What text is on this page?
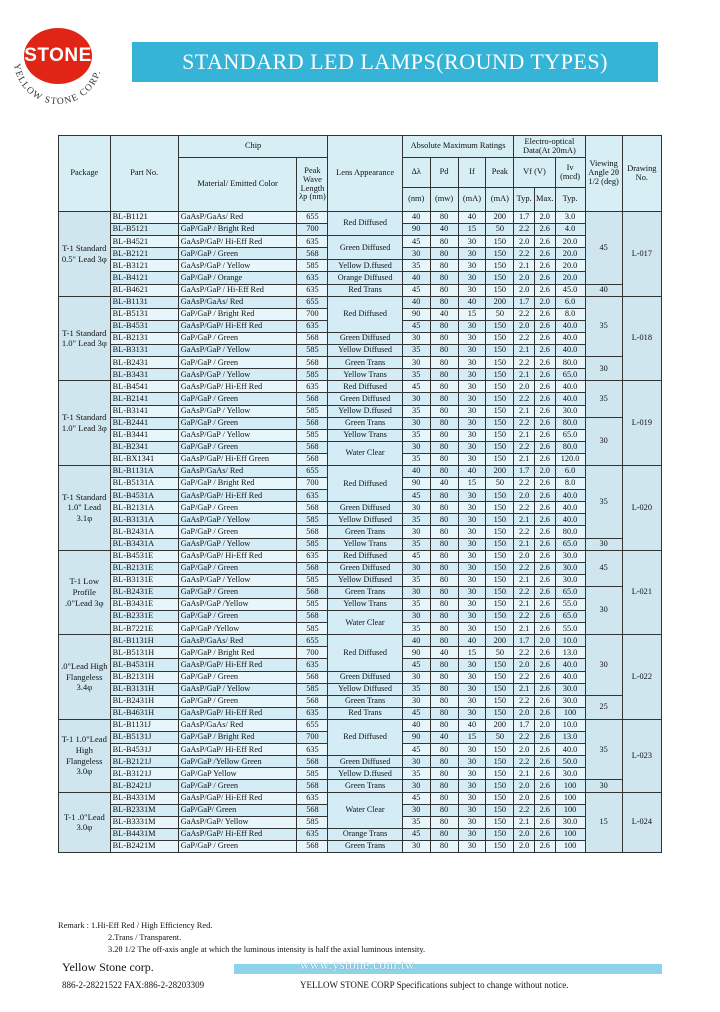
YELLOW STONE CORP.
STONE	STANDARD LED LAMPS(ROUND TYPES)
Package	Part No.	Chip		Lens Appearance	Absolute Maximum Ratings				Electro-optical Data(At 20mA)			Viewing Angle 2θ 1/2 (deg)	Drawing No.
		Material/ Emitted Color	Peak Wave Length λp (nm)		Δλ	Pd	If	Peak	Vf (V)		Iv (mcd)		
					(nm)	(mw)	(mA)	(mA)	Typ.	Max.	Typ.		
T-1 Standard 0.5" Lead 3φ	BL-B1121	GaAsP/GaAs/ Red	655	Red Diffused	40	80	40	200	1.7	2.0	3.0	45	L-017
	BL-B5121	GaP/GaP / Bright Red	700		90	40	15	50	2.2	2.6	4.0		
	BL-B4521	GaAsP/GaP/ Hi-Eff Red	635	Green Diffused	45	80	30	150	2.0	2.6	20.0		
	BL-B2121	GaP/GaP / Green	568		30	80	30	150	2.2	2.6	20.0		
	BL-B3121	GaAsP/GaP / Yellow	585	Yellow D.ffused	35	80	30	150	2.1	2.6	20.0		
	BL-B4121	GaP/GaP / Orange	635	Orange Diffused	40	80	30	150	2.0	2.6	20.0		
	BL-B4621	GaAsP/GaP / Hi-Eff Red	635	Red Trans	45	80	30	150	2.0	2.6	45.0	40	
T-1 Standard 1.0" Lead 3φ	BL-B1131	GaAsP/GaAs/ Red	655	Red Diffused	40	80	40	200	1.7	2.0	6.0	35	L-018
	BL-B5131	GaP/GaP / Bright Red	700		90	40	15	50	2.2	2.6	8.0		
	BL-B4531	GaAsP/GaP/ Hi-Eff Red	635		45	80	30	150	2.0	2.6	40.0		
	BL-B2131	GaP/GaP / Green	568	Green Diffused	30	80	30	150	2.2	2.6	40.0		
	BL-B3131	GaAsP/GaP / Yellow	585	Yellow Diffused	35	80	30	150	2.1	2.6	40.0		
	BL-B2431	GaP/GaP / Green	568	Green Trans	30	80	30	150	2.2	2.6	80.0	30	
	BL-B3431	GaAsP/GaP / Yellow	585	Yellow Trans	35	80	30	150	2.1	2.6	65.0		
T-1 Standard 1.0" Lead 3φ	BL-B4541	GaAsP/GaP/ Hi-Eff Red	635	Red Diffused	45	80	30	150	2.0	2.6	40.0	35	L-019
	BL-B2141	GaP/GaP / Green	568	Green Diffused	30	80	30	150	2.2	2.6	40.0		
	BL-B3141	GaAsP/GaP / Yellow	585	Yellow D.ffused	35	80	30	150	2.1	2.6	30.0		
	BL-B2441	GaP/GaP / Green	568	Green Trans	30	80	30	150	2.2	2.6	80.0	30	
	BL-B3441	GaAsP/GaP / Yellow	585	Yellow Trans	35	80	30	150	2.1	2.6	65.0		
	BL-B2341	GaP/GaP / Green	568	Water Clear	30	80	30	150	2.2	2.6	80.0		
	BL-BX1341	GaAsP/GaP/ Hi-Eff Green	568		35	80	30	150	2.1	2.6	120.0		
T-1 Standard 1.0" Lead 3.1φ	BL-B1131A	GaAsP/GaAs/ Red	655	Red Diffused	40	80	40	200	1.7	2.0	6.0	35	L-020
	BL-B5131A	GaP/GaP / Bright Red	700		90	40	15	50	2.2	2.6	8.0		
	BL-B4531A	GaAsP/GaP/ Hi-Eff Red	635		45	80	30	150	2.0	2.6	40.0		
	BL-B2131A	GaP/GaP / Green	568	Green Diffused	30	80	30	150	2.2	2.6	40.0		
	BL-B3131A	GaAsP/GaP / Yellow	585	Yellow Diffused	35	80	30	150	2.1	2.6	40.0		
	BL-B2431A	GaP/GaP / Green	568	Green Trans	30	80	30	150	2.2	2.6	80.0		
	BL-B3431A	GaAsP/GaP / Yellow	585	Yellow Trans	35	80	30	150	2.1	2.6	65.0	30	
T-1 Low Profile .0"Lead 3φ	BL-B4531E	GaAsP/GaP/ Hi-Eff Red	635	Red Diffused	45	80	30	150	2.0	2.6	30.0	45	L-021
	BL-B2131E	GaP/GaP / Green	568	Green Diffused	30	80	30	150	2.2	2.6	30.0		
	BL-B3131E	GaAsP/GaP / Yellow	585	Yellow Diffused	35	80	30	150	2.1	2.6	30.0		
	BL-B2431E	GaP/GaP / Green	568	Green Trans	30	80	30	150	2.2	2.6	65.0	30	
	BL-B3431E	GaAsP/GaP /Yellow	585	Yellow Trans	35	80	30	150	2.1	2.6	55.0		
	BL-B2331E	GaP/GaP / Green	568	Water Clear	30	80	30	150	2.2	2.6	65.0		
	BL-B7221E	GaP/GaP /Yellow	585		35	80	30	150	2.1	2.6	55.0		
.0"Lead High Flangeless 3.4φ	BL-B1131H	GaAsP/GaAs/ Red	655	Red Diffused	40	80	40	200	1.7	2.0	10.0	30	L-022
	BL-B5131H	GaP/GaP / Bright Red	700		90	40	15	50	2.2	2.6	13.0		
	BL-B4531H	GaAsP/GaP/ Hi-Eff Red	635		45	80	30	150	2.0	2.6	40.0		
	BL-B2131H	GaP/GaP / Green	568	Green Diffused	30	80	30	150	2.2	2.6	40.0		
	BL-B3131H	GaAsP/GaP / Yellow	585	Yellow Diffused	35	80	30	150	2.1	2.6	30.0		
	BL-B2431H	GaP/GaP / Green	568	Green Trans	30	80	30	150	2.2	2.6	30.0	25	
	BL-B4631H	GaAsP/GaP/ Hi-Eff Red	635	Red Trans	45	80	30	150	2.0	2.6	100		
T-1 1.0"Lead High Flangeless 3.0φ	BL-B1131J	GaAsP/GaAs/ Red	655	Red Diffused	40	80	40	200	1.7	2.0	10.0	35	L-023
	BL-B5131J	GaP/GaP / Bright Red	700		90	40	15	50	2.2	2.6	13.0		
	BL-B4531J	GaAsP/GaP/ Hi-Eff Red	635		45	80	30	150	2.0	2.6	40.0		
	BL-B2121J	GaP/GaP /Yellow Green	568	Green Diffused	30	80	30	150	2.2	2.6	50.0		
	BL-B3121J	GaP/GaP Yellow	585	Yellow D.ffused	35	80	30	150	2.1	2.6	30.0		
	BL-B2421J	GaP/GaP / Green	568	Green Trans	30	80	30	150	2.0	2.6	100	30	
T-1 .0"Lead 3.0φ	BL-B4331M	GaAsP/GaP/ Hi-Eff Red	635	Water Clear	45	80	30	150	2.0	2.6	100	15	L-024
	BL-B2331M	GaP/GaP/ Green	568		30	80	30	150	2.2	2.6	100		
	BL-B3331M	GaAsP/GaP/ Yellow	585		35	80	30	150	2.1	2.6	30.0		
	BL-B4431M	GaAsP/GaP/ Hi-Eff Red	635	Orange Trans	45	80	30	150	2.0	2.6	100		
	BL-B2421M	GaP/GaP / Green	568	Green Trans	30	80	30	150	2.0	2.6	100		
Remark : 1.Hi-Eff Red / High Efficiency Red.
2.Trans / Transparent.
3.2θ 1/2 The off-axis angle at which the luminous intensity is half the axial luminous intensity.
Yellow Stone corp.	www.ystone.com.tw
886-2-28221522 FAX:886-2-28203309	YELLOW STONE CORP Specifications subject to change without notice.
